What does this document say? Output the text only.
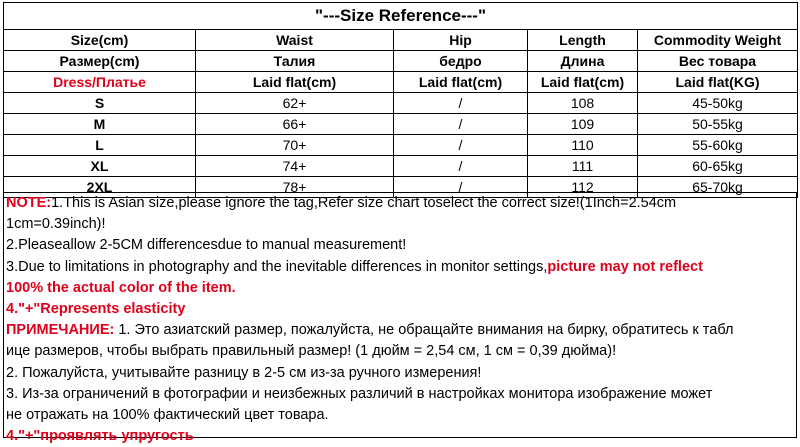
"---Size Reference---"				
Size(cm)	Waist	Hip	Length	Commodity Weight
Размер(cm)	Талия	бедро	Длина	Вес товара
Dress/Платье	Laid flat(cm)	Laid flat(cm)	Laid flat(cm)	Laid flat(KG)
S	62+	/	108	45-50kg
M	66+	/	109	50-55kg
L	70+	/	110	55-60kg
XL	74+	/	111	60-65kg
2XL	78+	/	112	65-70kg

NOTE:1.This is Asian size,please ignore the tag,Refer size chart toselect the correct size!(1Inch=2.54cm

1cm=0.39inch)!

2.Pleaseallow 2-5CM differencesdue to manual measurement!

3.Due to limitations in photography and the inevitable differences in monitor settings,picture may not reflect

100% the actual color of the item.

4."+"Represents elasticity

ПРИМЕЧАНИЕ: 1. Это азиатский размер, пожалуйста, не обращайте внимания на бирку, обратитесь к табл

ице размеров, чтобы выбрать правильный размер! (1 дюйм = 2,54 см, 1 см = 0,39 дюйма)!

2. Пожалуйста, учитывайте разницу в 2-5 см из-за ручного измерения!

3. Из-за ограничений в фотографии и неизбежных различий в настройках монитора изображение может

не отражать на 100% фактический цвет товара.

4."+"проявлять упругость
